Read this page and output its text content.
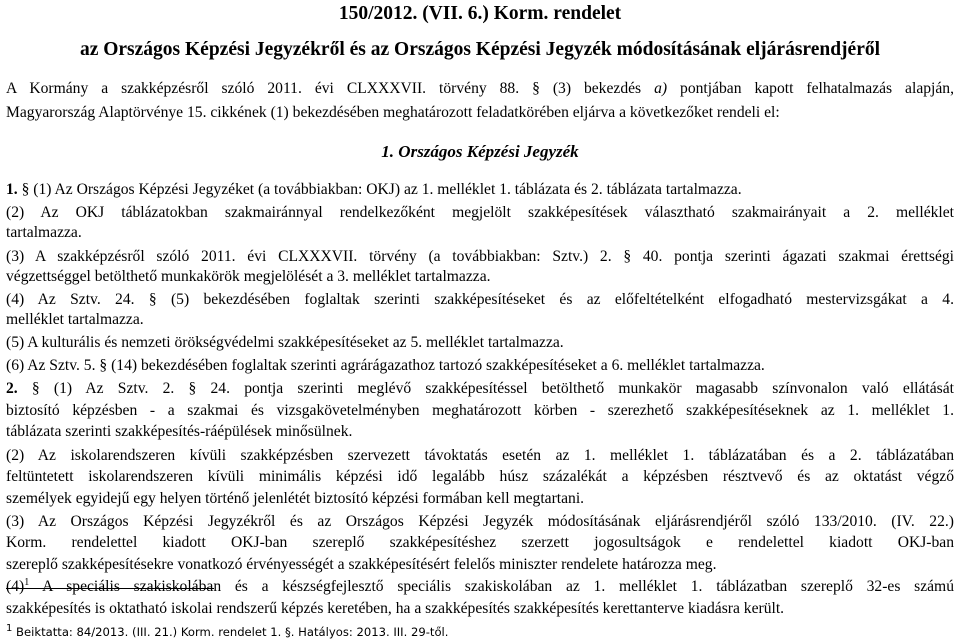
150/2012. (VII. 6.) Korm. rendelet
az Országos Képzési Jegyzékről és az Országos Képzési Jegyzék módosításának eljárásrendjéről
A Kormány a szakképzésről szóló 2011. évi CLXXXVII. törvény 88. § (3) bekezdés a) pontjában kapott felhatalmazás alapján,
Magyarország Alaptörvénye 15. cikkének (1) bekezdésében meghatározott feladatkörében eljárva a következőket rendeli el:
1. Országos Képzési Jegyzék
1. § (1) Az Országos Képzési Jegyzéket (a továbbiakban: OKJ) az 1. melléklet 1. táblázata és 2. táblázata tartalmazza.
(2) Az OKJ táblázatokban szakmairánnyal rendelkezőként megjelölt szakképesítések választható szakmairányait a 2. melléklet
tartalmazza.
(3) A szakképzésről szóló 2011. évi CLXXXVII. törvény (a továbbiakban: Sztv.) 2. § 40. pontja szerinti ágazati szakmai érettségi
végzettséggel betölthető munkakörök megjelölését a 3. melléklet tartalmazza.
(4) Az Sztv. 24. § (5) bekezdésében foglaltak szerinti szakképesítéseket és az előfeltételként elfogadható mestervizsgákat a 4.
melléklet tartalmazza.
(5) A kulturális és nemzeti örökségvédelmi szakképesítéseket az 5. melléklet tartalmazza.
(6) Az Sztv. 5. § (14) bekezdésében foglaltak szerinti agrárágazathoz tartozó szakképesítéseket a 6. melléklet tartalmazza.
2. § (1) Az Sztv. 2. § 24. pontja szerinti meglévő szakképesítéssel betölthető munkakör magasabb színvonalon való ellátását
biztosító képzésben - a szakmai és vizsgakövetelményben meghatározott körben - szerezhető szakképesítéseknek az 1. melléklet 1.
táblázata szerinti szakképesítés-ráépülések minősülnek.
(2) Az iskolarendszeren kívüli szakképzésben szervezett távoktatás esetén az 1. melléklet 1. táblázatában és a 2. táblázatában
feltüntetett iskolarendszeren kívüli minimális képzési idő legalább húsz százalékát a képzésben résztvevő és az oktatást végző
személyek egyidejű egy helyen történő jelenlétét biztosító képzési formában kell megtartani.
(3) Az Országos Képzési Jegyzékről és az Országos Képzési Jegyzék módosításának eljárásrendjéről szóló 133/2010. (IV. 22.)
Korm. rendelettel kiadott OKJ-ban szereplő szakképesítéshez szerzett jogosultságok e rendelettel kiadott OKJ-ban
szereplő szakképesítésekre vonatkozó érvényességét a szakképesítésért felelős miniszter rendelete határozza meg.
$(4)^1$ A speciális szakiskolában és a készségfejlesztő speciális szakiskolában az 1. melléklet 1. táblázatban szereplő 32-es számú
szakképesítés is oktatható iskolai rendszerű képzés keretében, ha a szakképesítés szakképesítés kerettanterve kiadásra került.
$^1$ Beiktatta: 84/2013. (III. 21.) Korm. rendelet 1. §. Hatályos: 2013. III. 29-től.
